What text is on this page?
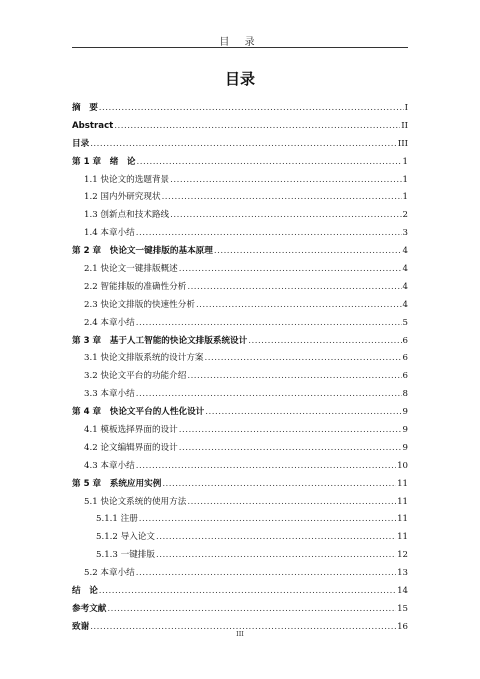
目 录
目录
摘　要 .....	I
Abstract .....	II
目录 .....	III
第 1 章　绪　论 .....	1
1.1 快论文的选题背景 .....	1
1.2 国内外研究现状 .....	1
1.3 创新点和技术路线 .....	2
1.4 本章小结 .....	3
第 2 章　快论文一键排版的基本原理 .....	4
2.1 快论文一键排版概述 .....	4
2.2 智能排版的准确性分析 .....	4
2.3 快论文排版的快速性分析 .....	4
2.4 本章小结 .....	5
第 3 章　基于人工智能的快论文排版系统设计 .....	6
3.1 快论文排版系统的设计方案 .....	6
3.2 快论文平台的功能介绍 .....	6
3.3 本章小结 .....	8
第 4 章　快论文平台的人性化设计 .....	9
4.1 模板选择界面的设计 .....	9
4.2 论文编辑界面的设计 .....	9
4.3 本章小结 .....	10
第 5 章　系统应用实例 .....	11
5.1 快论文系统的使用方法 .....	11
5.1.1 注册 .....	11
5.1.2 导入论文 .....	11
5.1.3 一键排版 .....	12
5.2 本章小结 .....	13
结　论 .....	14
参考文献 .....	15
致谢 .....	16
III
